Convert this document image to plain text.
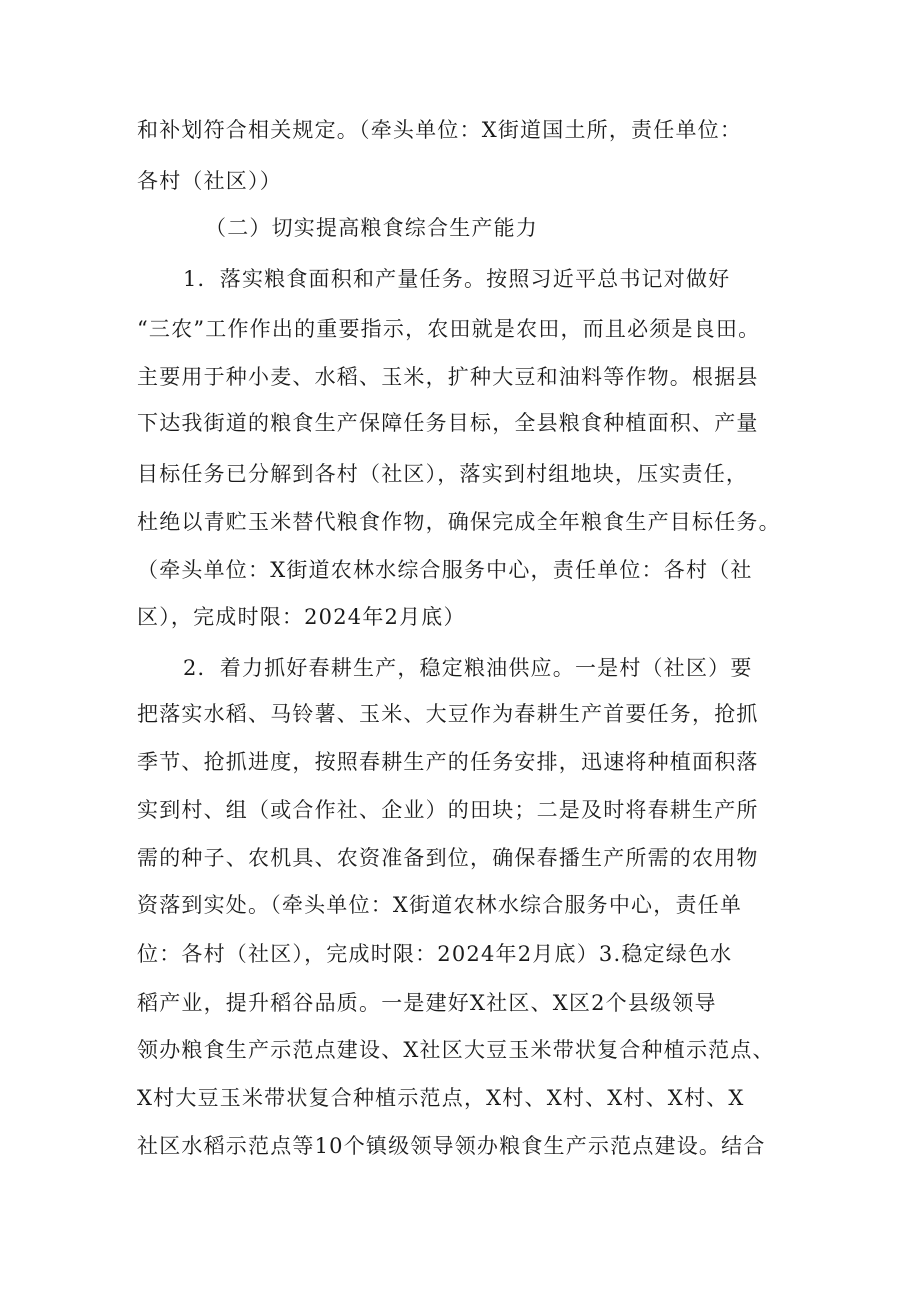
和补划符合相关规定。（牵头单位：X街道国土所，责任单位：
各村（社区））
（二）切实提高粮食综合生产能力
1．落实粮食面积和产量任务。按照习近平总书记对做好
“三农”工作作出的重要指示，农田就是农田，而且必须是良田。
主要用于种小麦、水稻、玉米，扩种大豆和油料等作物。根据县
下达我街道的粮食生产保障任务目标，全县粮食种植面积、产量
目标任务已分解到各村（社区），落实到村组地块，压实责任，
杜绝以青贮玉米替代粮食作物，确保完成全年粮食生产目标任务。
（牵头单位：X街道农林水综合服务中心，责任单位：各村（社
区），完成时限：2024年2月底）
2．着力抓好春耕生产，稳定粮油供应。一是村（社区）要
把落实水稻、马铃薯、玉米、大豆作为春耕生产首要任务，抢抓
季节、抢抓进度，按照春耕生产的任务安排，迅速将种植面积落
实到村、组（或合作社、企业）的田块；二是及时将春耕生产所
需的种子、农机具、农资准备到位，确保春播生产所需的农用物
资落到实处。（牵头单位：X街道农林水综合服务中心，责任单
位：各村（社区），完成时限：2024年2月底）3.稳定绿色水
稻产业，提升稻谷品质。一是建好X社区、X区2个县级领导
领办粮食生产示范点建设、X社区大豆玉米带状复合种植示范点、
X村大豆玉米带状复合种植示范点，X村、X村、X村、X村、X
社区水稻示范点等10个镇级领导领办粮食生产示范点建设。结合
